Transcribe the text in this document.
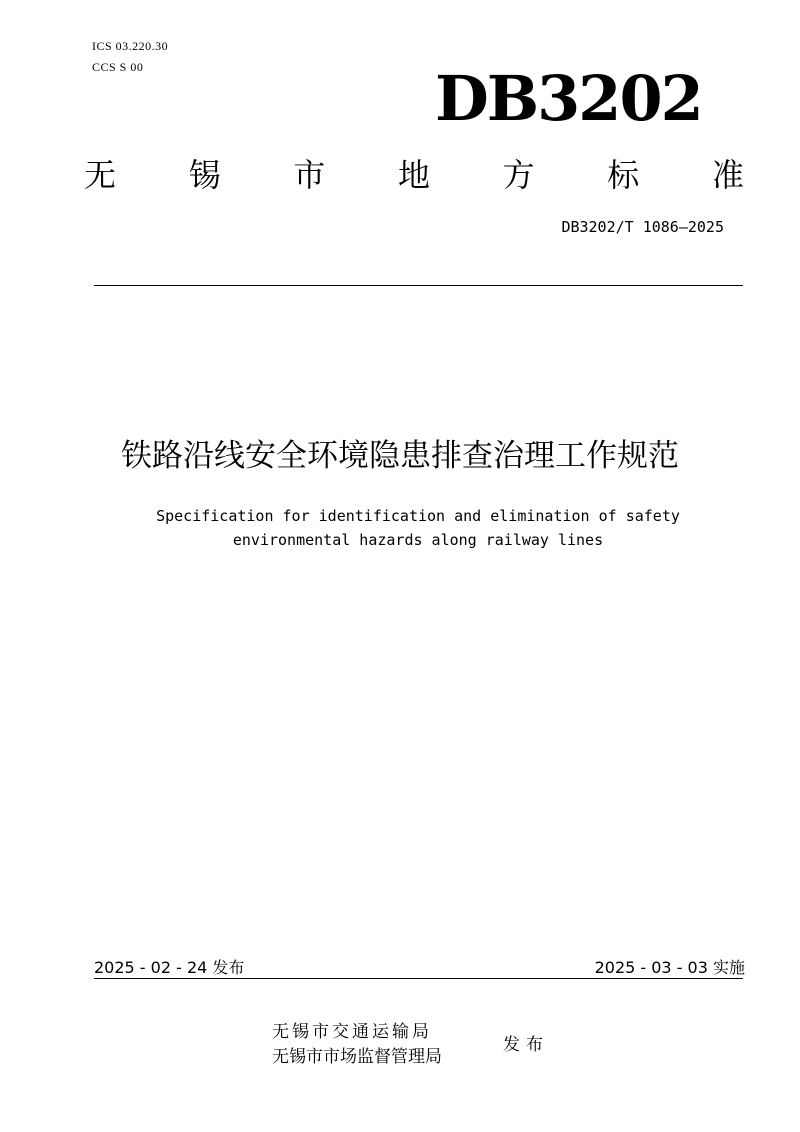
ICS 03.220.30
CCS S 00	DB3202
无 锡 市 地 方 标 准
DB3202/T 1086—2025
铁路沿线安全环境隐患排查治理工作规范
Specification for identification and elimination of safety
environmental hazards along railway lines
2025 - 02 - 24 发布	2025 - 03 - 03 实施
无锡市交通运输局
无锡市市场监督管理局
发布
